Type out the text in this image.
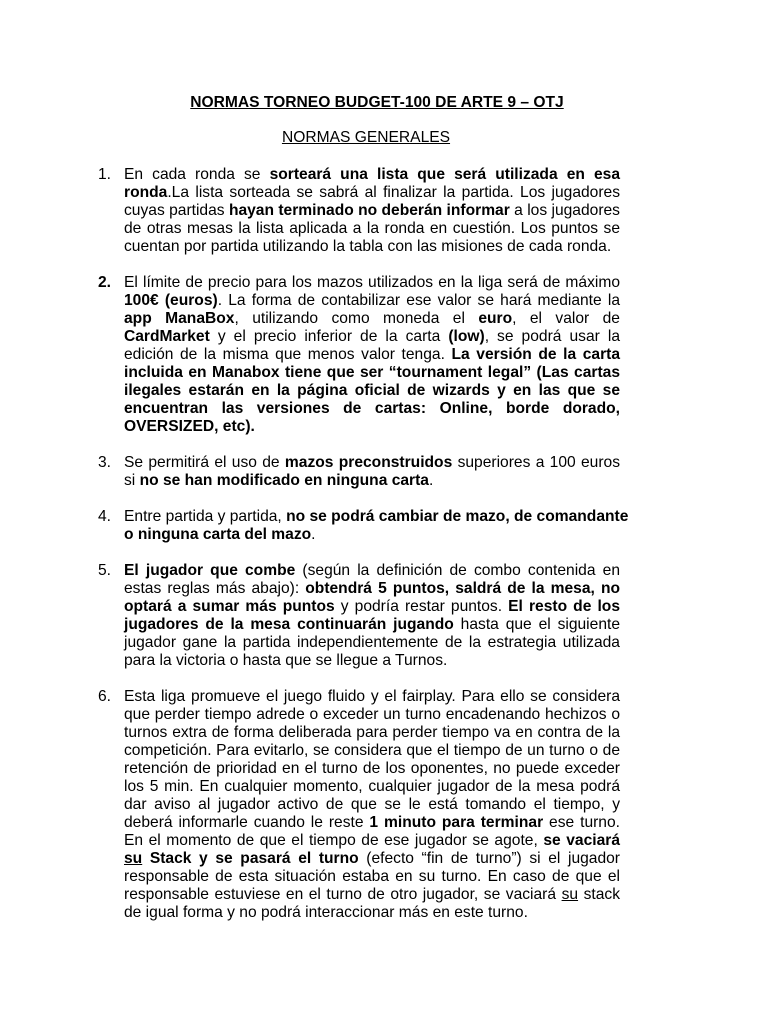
NORMAS TORNEO BUDGET-100 DE ARTE 9 – OTJ
NORMAS GENERALES
1. En cada ronda se sorteará una lista que será utilizada en esa ronda.La lista sorteada se sabrá al finalizar la partida. Los jugadores cuyas partidas hayan terminado no deberán informar a los jugadores de otras mesas la lista aplicada a la ronda en cuestión. Los puntos se cuentan por partida utilizando la tabla con las misiones de cada ronda.
2. El límite de precio para los mazos utilizados en la liga será de máximo 100€ (euros). La forma de contabilizar ese valor se hará mediante la app ManaBox, utilizando como moneda el euro, el valor de CardMarket y el precio inferior de la carta (low), se podrá usar la edición de la misma que menos valor tenga. La versión de la carta incluida en Manabox tiene que ser “tournament legal” (Las cartas ilegales estarán en la página oficial de wizards y en las que se encuentran las versiones de cartas: Online, borde dorado, OVERSIZED, etc).
3. Se permitirá el uso de mazos preconstruidos superiores a 100 euros si no se han modificado en ninguna carta.
4. Entre partida y partida, no se podrá cambiar de mazo, de comandante o ninguna carta del mazo.
5. El jugador que combe (según la definición de combo contenida en estas reglas más abajo): obtendrá 5 puntos, saldrá de la mesa, no optará a sumar más puntos y podría restar puntos. El resto de los jugadores de la mesa continuarán jugando hasta que el siguiente jugador gane la partida independientemente de la estrategia utilizada para la victoria o hasta que se llegue a Turnos.
6. Esta liga promueve el juego fluido y el fairplay. Para ello se considera que perder tiempo adrede o exceder un turno encadenando hechizos o turnos extra de forma deliberada para perder tiempo va en contra de la competición. Para evitarlo, se considera que el tiempo de un turno o de retención de prioridad en el turno de los oponentes, no puede exceder los 5 min. En cualquier momento, cualquier jugador de la mesa podrá dar aviso al jugador activo de que se le está tomando el tiempo, y deberá informarle cuando le reste 1 minuto para terminar ese turno. En el momento de que el tiempo de ese jugador se agote, se vaciará su Stack y se pasará el turno (efecto “fin de turno”) si el jugador responsable de esta situación estaba en su turno. En caso de que el responsable estuviese en el turno de otro jugador, se vaciará su stack de igual forma y no podrá interaccionar más en este turno.
